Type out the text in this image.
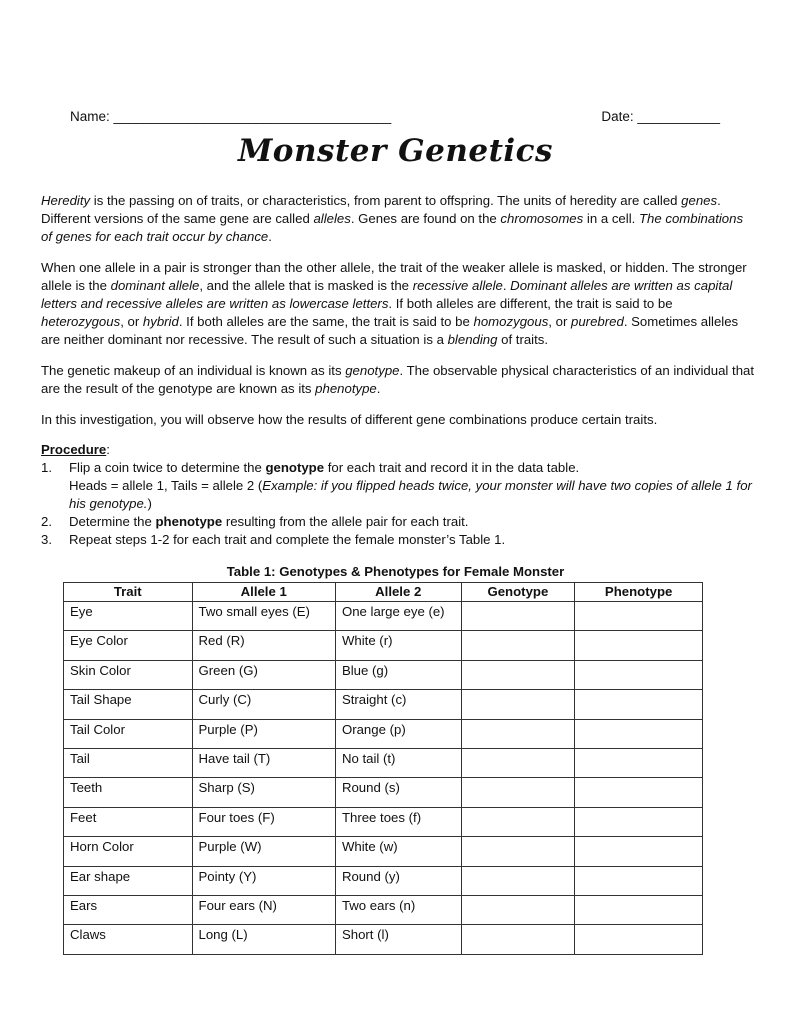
Name: _____________________________________	Date: ___________
Monster Genetics

Heredity is the passing on of traits, or characteristics, from parent to offspring. The units of heredity are called genes. Different versions of the same gene are called alleles. Genes are found on the chromosomes in a cell. The combinations of genes for each trait occur by chance.

When one allele in a pair is stronger than the other allele, the trait of the weaker allele is masked, or hidden. The stronger allele is the dominant allele, and the allele that is masked is the recessive allele. Dominant alleles are written as capital letters and recessive alleles are written as lowercase letters. If both alleles are different, the trait is said to be heterozygous, or hybrid. If both alleles are the same, the trait is said to be homozygous, or purebred. Sometimes alleles are neither dominant nor recessive. The result of such a situation is a blending of traits.

The genetic makeup of an individual is known as its genotype. The observable physical characteristics of an individual that are the result of the genotype are known as its phenotype.

In this investigation, you will observe how the results of different gene combinations produce certain traits.

Procedure:

1. Flip a coin twice to determine the genotype for each trait and record it in the data table.
Heads = allele 1, Tails = allele 2 (Example: if you flipped heads twice, your monster will have two copies of allele 1 for his genotype.)
2. Determine the phenotype resulting from the allele pair for each trait.
3. Repeat steps 1-2 for each trait and complete the female monster’s Table 1.
Table 1: Genotypes & Phenotypes for Female Monster
Trait	Allele 1	Allele 2	Genotype	Phenotype
Eye	Two small eyes (E)	One large eye (e)		
Eye Color	Red (R)	White (r)		
Skin Color	Green (G)	Blue (g)		
Tail Shape	Curly (C)	Straight (c)		
Tail Color	Purple (P)	Orange (p)		
Tail	Have tail (T)	No tail (t)		
Teeth	Sharp (S)	Round (s)		
Feet	Four toes (F)	Three toes (f)		
Horn Color	Purple (W)	White (w)		
Ear shape	Pointy (Y)	Round (y)		
Ears	Four ears (N)	Two ears (n)		
Claws	Long (L)	Short (l)		
